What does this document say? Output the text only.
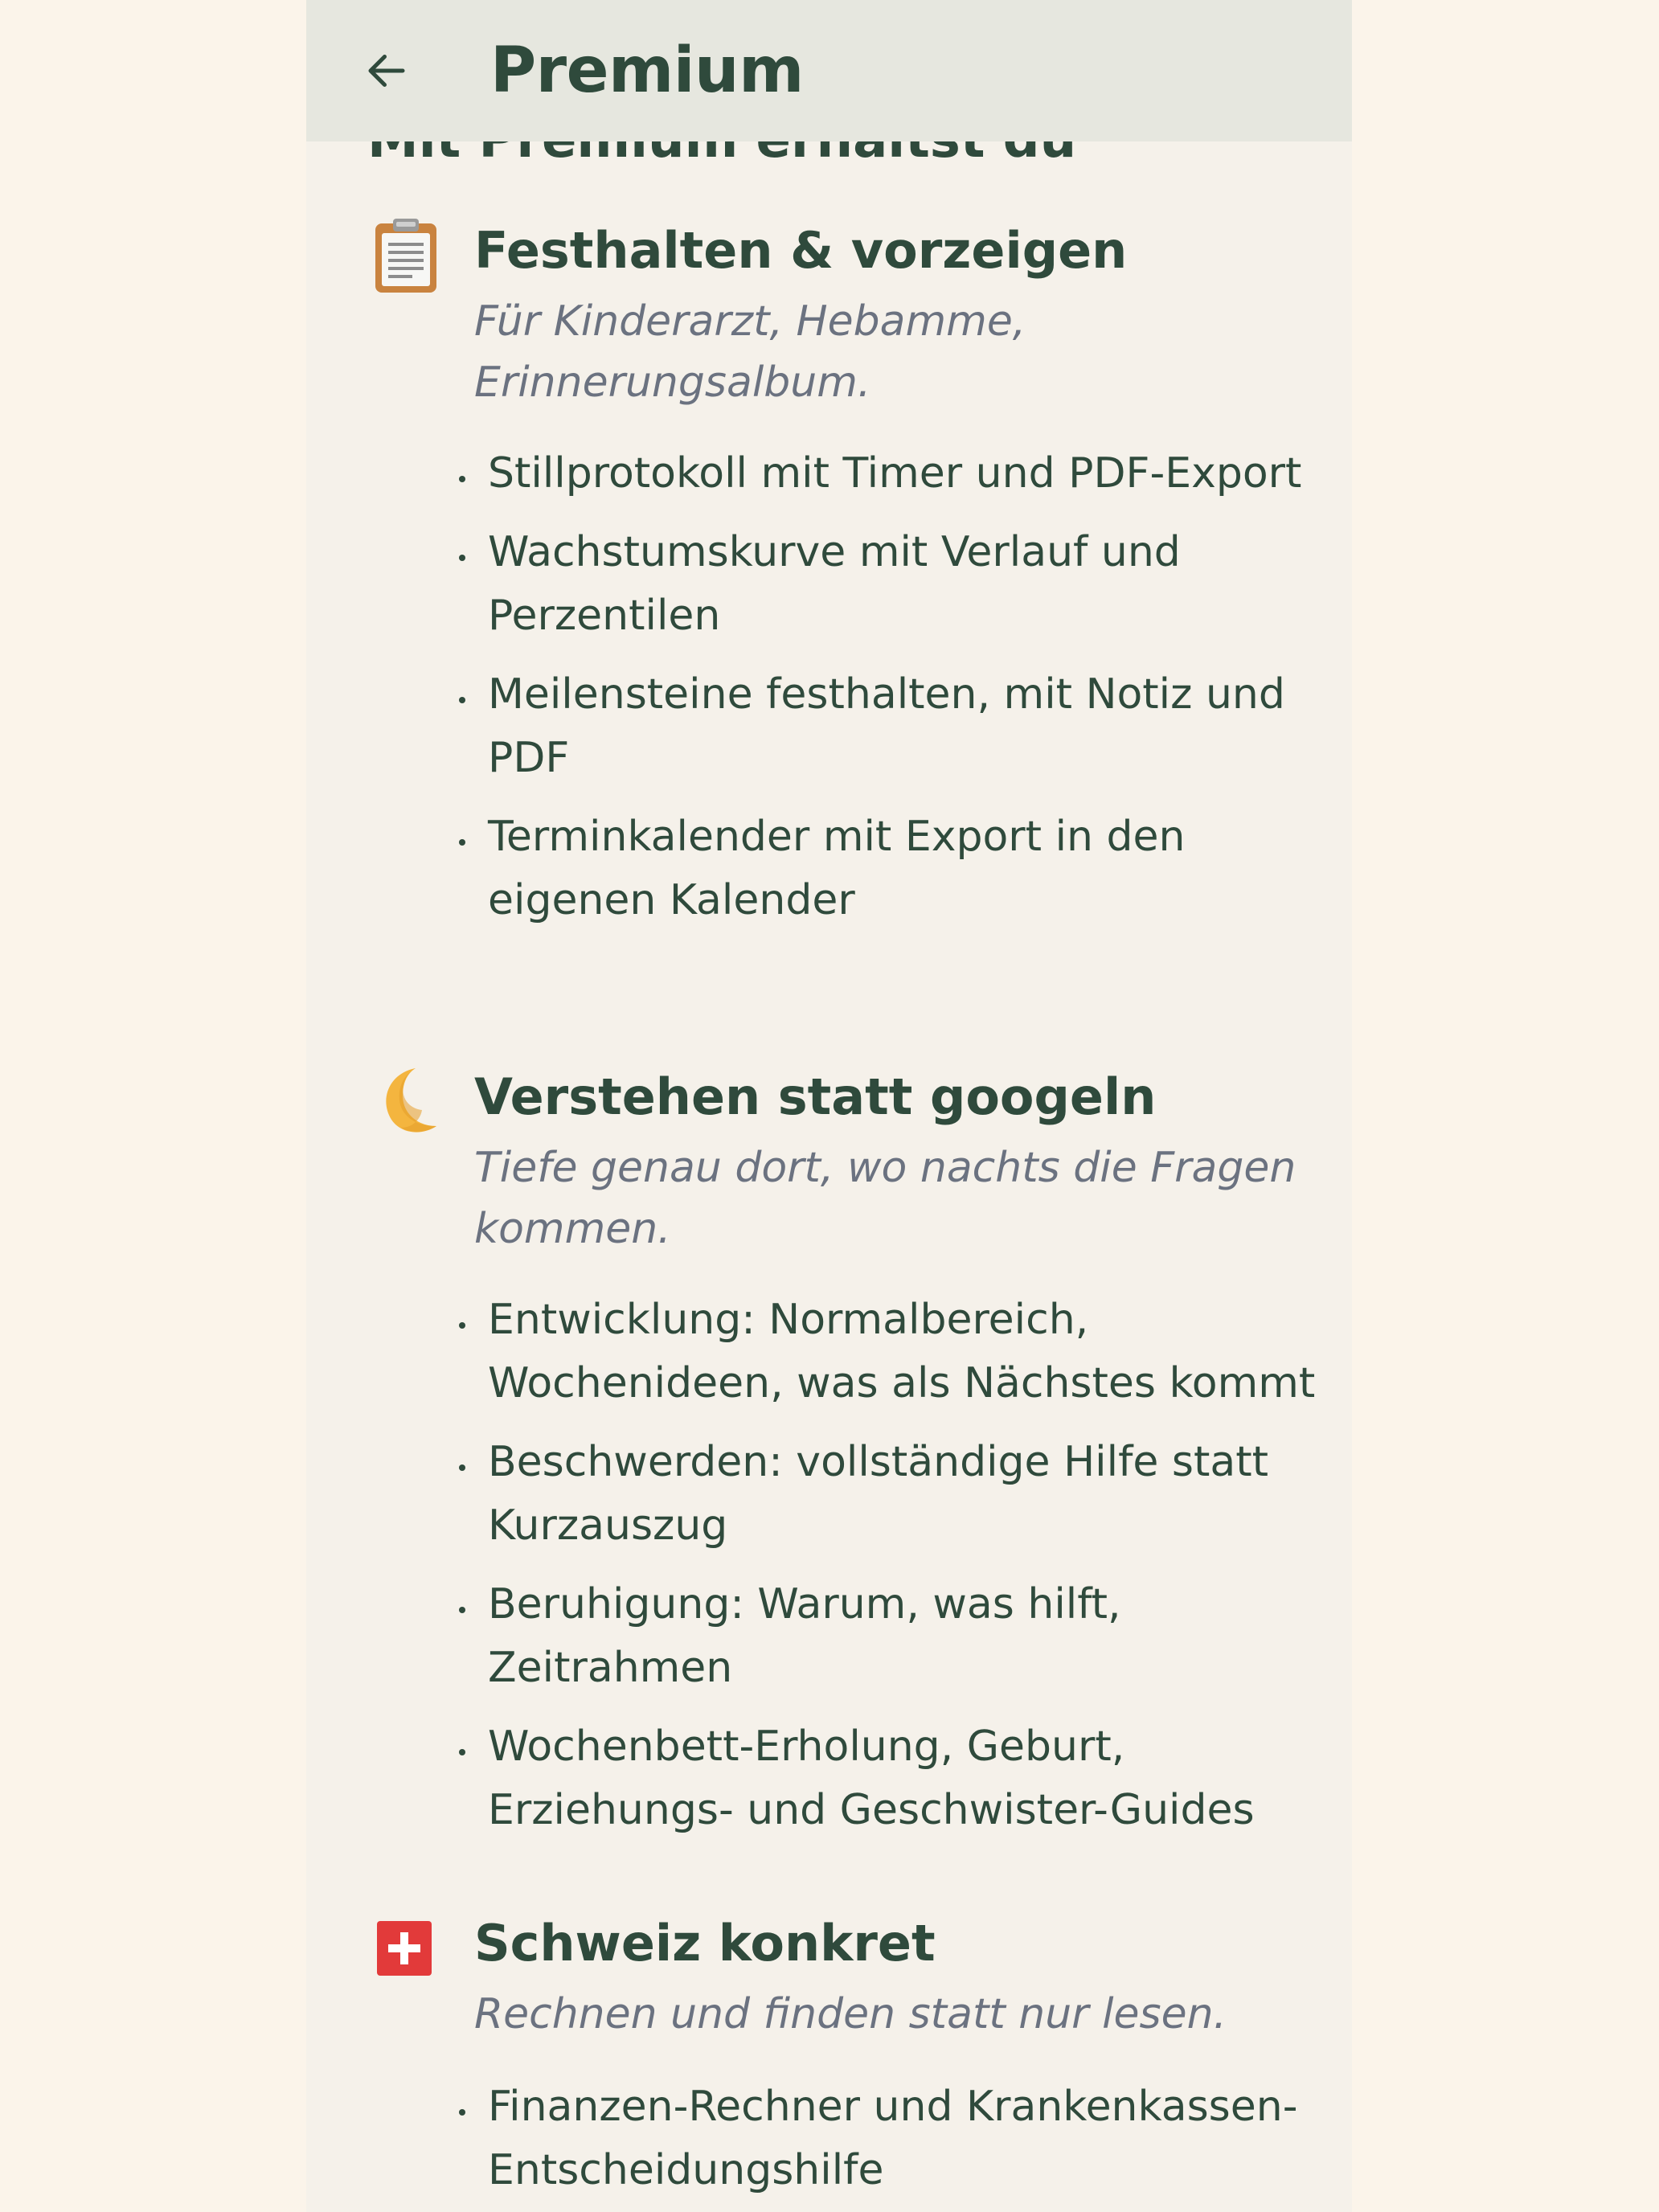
Festhalten & vorzeigen
Für Kinderarzt, Hebamme, Erinnerungsalbum.
Stillprotokoll mit Timer und PDF-Export
Wachstumskurve mit Verlauf und Perzentilen
Meilensteine festhalten, mit Notiz und PDF
Terminkalender mit Export in den eigenen Kalender
Verstehen statt googeln
Tiefe genau dort, wo nachts die Fragen kommen.
Entwicklung: Normalbereich, Wochenideen, was als Nächstes kommt
Beschwerden: vollständige Hilfe statt Kurzauszug
Beruhigung: Warum, was hilft, Zeitrahmen
Wochenbett-Erholung, Geburt, Erziehungs- und Geschwister-Guides
Schweiz konkret
Rechnen und finden statt nur lesen.
Finanzen-Rechner und Krankenkassen-Entscheidungshilfe
Premium
